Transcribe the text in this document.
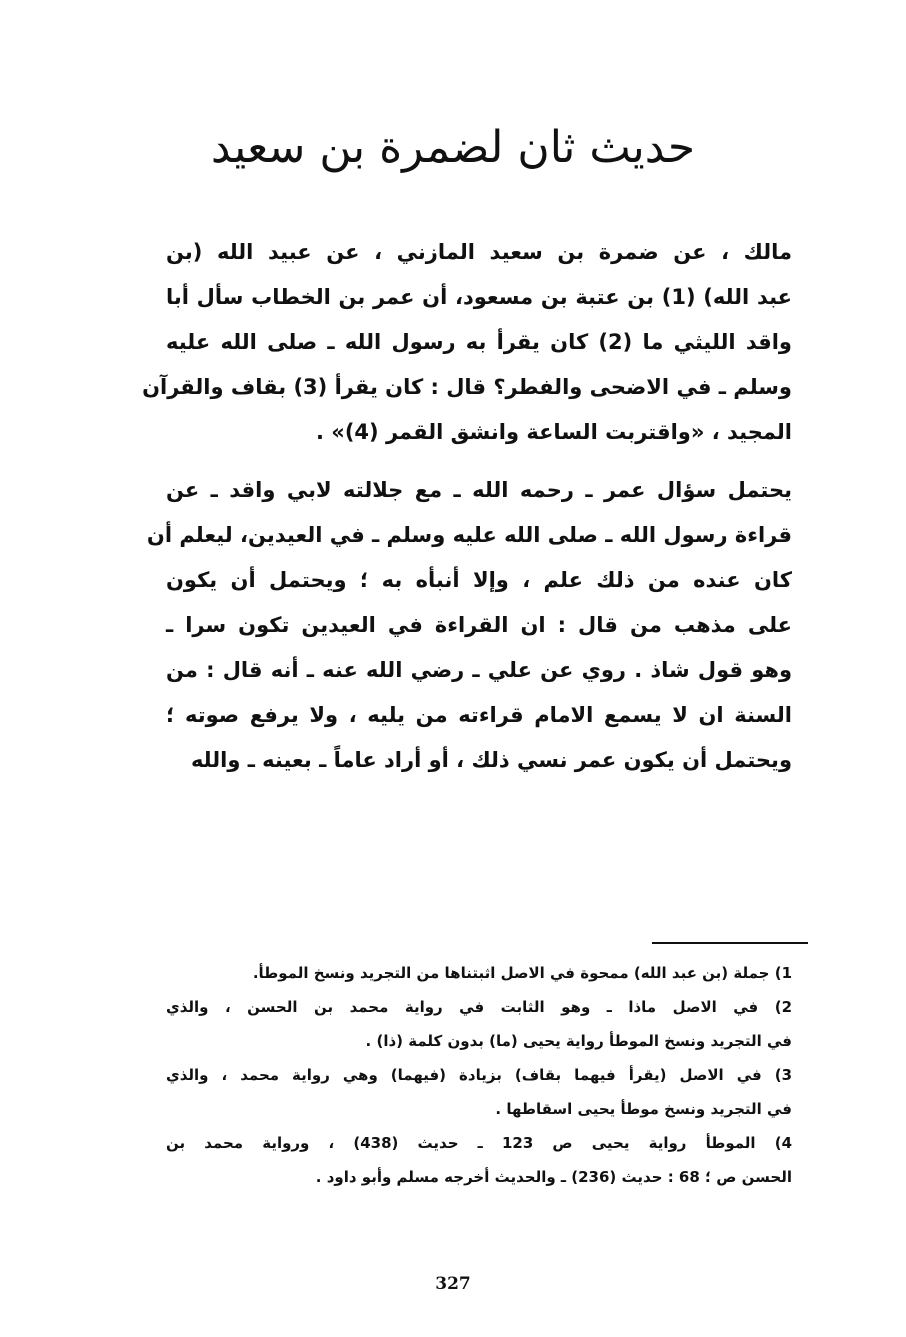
حديث ثان لضمرة بن سعيد
مالك ، عن ضمرة بن سعيد المازني ، عن عبيد الله (بن
عبد الله) (1) بن عتبة بن مسعود، أن عمر بن الخطاب سأل أبا
واقد الليثي ما (2) كان يقرأ به رسول الله ـ صلى الله عليه
وسلم ـ في الاضحى والفطر؟ قال : كان يقرأ (3) بقاف والقرآن
المجيد ، «واقتربت الساعة وانشق القمر (4)» .
يحتمل سؤال عمر ـ رحمه الله ـ مع جلالته لابي واقد ـ عن
قراءة رسول الله ـ صلى الله عليه وسلم ـ في العيدين، ليعلم أن
كان عنده من ذلك علم ، وإلا أنبأه به ؛ ويحتمل أن يكون
على مذهب من قال : ان القراءة في العيدين تكون سرا ـ
وهو قول شاذ . روي عن علي ـ رضي الله عنه ـ أنه قال : من
السنة ان لا يسمع الامام قراءته من يليه ، ولا يرفع صوته ؛
ويحتمل أن يكون عمر نسي ذلك ، أو أراد عاماً ـ بعينه ـ والله
1) جملة (بن عبد الله) ممحوة في الاصل اثبتناها من التجريد ونسخ الموطأ.
2) في الاصل ماذا ـ وهو الثابت في رواية محمد بن الحسن ، والذي
في التجريد ونسخ الموطأ رواية يحيى (ما) بدون كلمة (ذا) .
3) في الاصل (يقرأ فيهما بقاف) بزيادة (فيهما) وهي رواية محمد ، والذي
في التجريد ونسخ موطأ يحيى اسقاطها .
4) الموطأ رواية يحيى ص 123 ـ حديث (438) ، ورواية محمد بن
الحسن ص ؛ 68 : حديث (236) ـ والحديث أخرجه مسلم وأبو داود .
327
